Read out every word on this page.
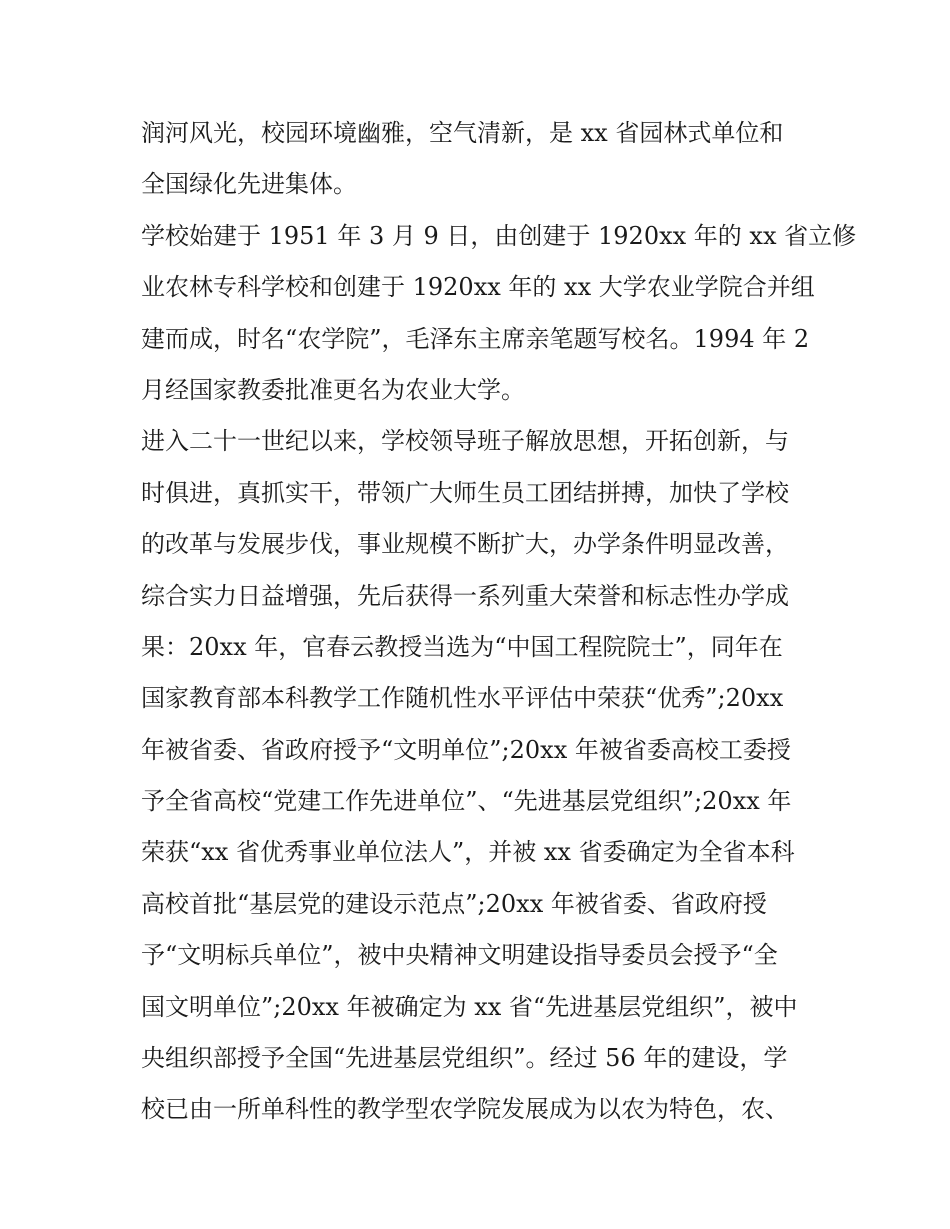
润河风光，校园环境幽雅，空气清新，是 xx 省园林式单位和
全国绿化先进集体。
学校始建于 1951 年 3 月 9 日，由创建于 1920xx 年的 xx 省立修
业农林专科学校和创建于 1920xx 年的 xx 大学农业学院合并组
建而成，时名“农学院”，毛泽东主席亲笔题写校名。1994 年 2
月经国家教委批准更名为农业大学。
进入二十一世纪以来，学校领导班子解放思想，开拓创新，与
时俱进，真抓实干，带领广大师生员工团结拼搏，加快了学校
的改革与发展步伐，事业规模不断扩大，办学条件明显改善，
综合实力日益增强，先后获得一系列重大荣誉和标志性办学成
果：20xx 年，官春云教授当选为“中国工程院院士”，同年在
国家教育部本科教学工作随机性水平评估中荣获“优秀”;20xx
年被省委、省政府授予“文明单位”;20xx 年被省委高校工委授
予全省高校“党建工作先进单位”、“先进基层党组织”;20xx 年
荣获“xx 省优秀事业单位法人”，并被 xx 省委确定为全省本科
高校首批“基层党的建设示范点”;20xx 年被省委、省政府授
予“文明标兵单位”，被中央精神文明建设指导委员会授予“全
国文明单位”;20xx 年被确定为 xx 省“先进基层党组织”，被中
央组织部授予全国“先进基层党组织”。经过 56 年的建设，学
校已由一所单科性的教学型农学院发展成为以农为特色，农、
